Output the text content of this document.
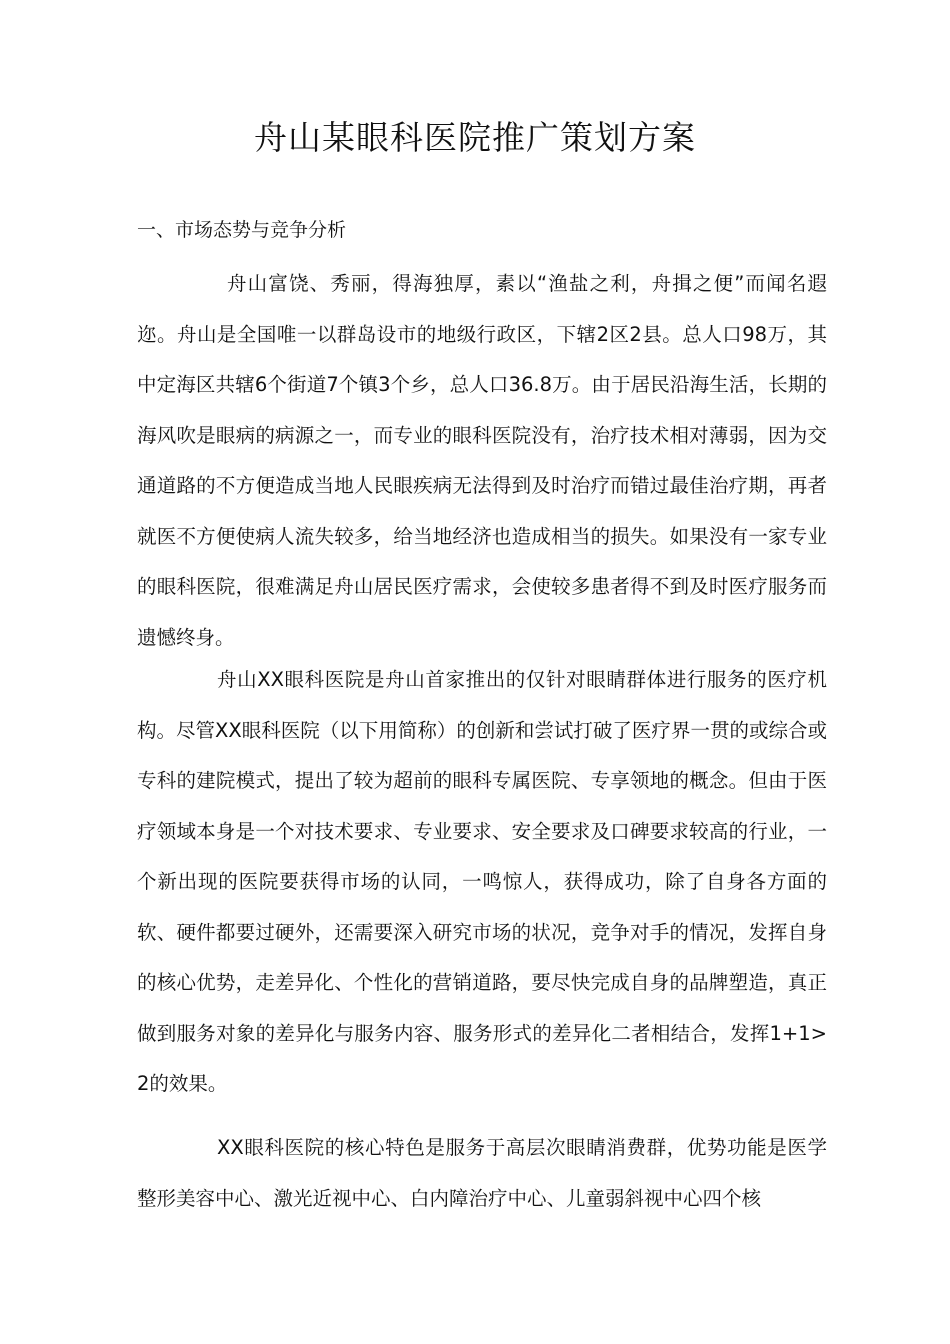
舟山某眼科医院推广策划方案
一、市场态势与竞争分析

舟山富饶、秀丽，得海独厚，素以“渔盐之利，舟揖之便”而闻名遐迩。舟山是全国唯一以群岛设市的地级行政区，下辖2区2县。总人口98万，其中定海区共辖6个街道7个镇3个乡，总人口36.8万。由于居民沿海生活，长期的海风吹是眼病的病源之一，而专业的眼科医院没有，治疗技术相对薄弱，因为交通道路的不方便造成当地人民眼疾病无法得到及时治疗而错过最佳治疗期，再者就医不方便使病人流失较多，给当地经济也造成相当的损失。如果没有一家专业的眼科医院，很难满足舟山居民医疗需求，会使较多患者得不到及时医疗服务而遗憾终身。

舟山XX眼科医院是舟山首家推出的仅针对眼睛群体进行服务的医疗机构。尽管XX眼科医院（以下用简称）的创新和尝试打破了医疗界一贯的或综合或专科的建院模式，提出了较为超前的眼科专属医院、专享领地的概念。但由于医疗领域本身是一个对技术要求、专业要求、安全要求及口碑要求较高的行业，一个新出现的医院要获得市场的认同，一鸣惊人，获得成功，除了自身各方面的软、硬件都要过硬外，还需要深入研究市场的状况，竞争对手的情况，发挥自身的核心优势，走差异化、个性化的营销道路，要尽快完成自身的品牌塑造，真正做到服务对象的差异化与服务内容、服务形式的差异化二者相结合，发挥1+1>2的效果。

XX眼科医院的核心特色是服务于高层次眼睛消费群，优势功能是医学整形美容中心、激光近视中心、白内障治疗中心、儿童弱斜视中心四个核
